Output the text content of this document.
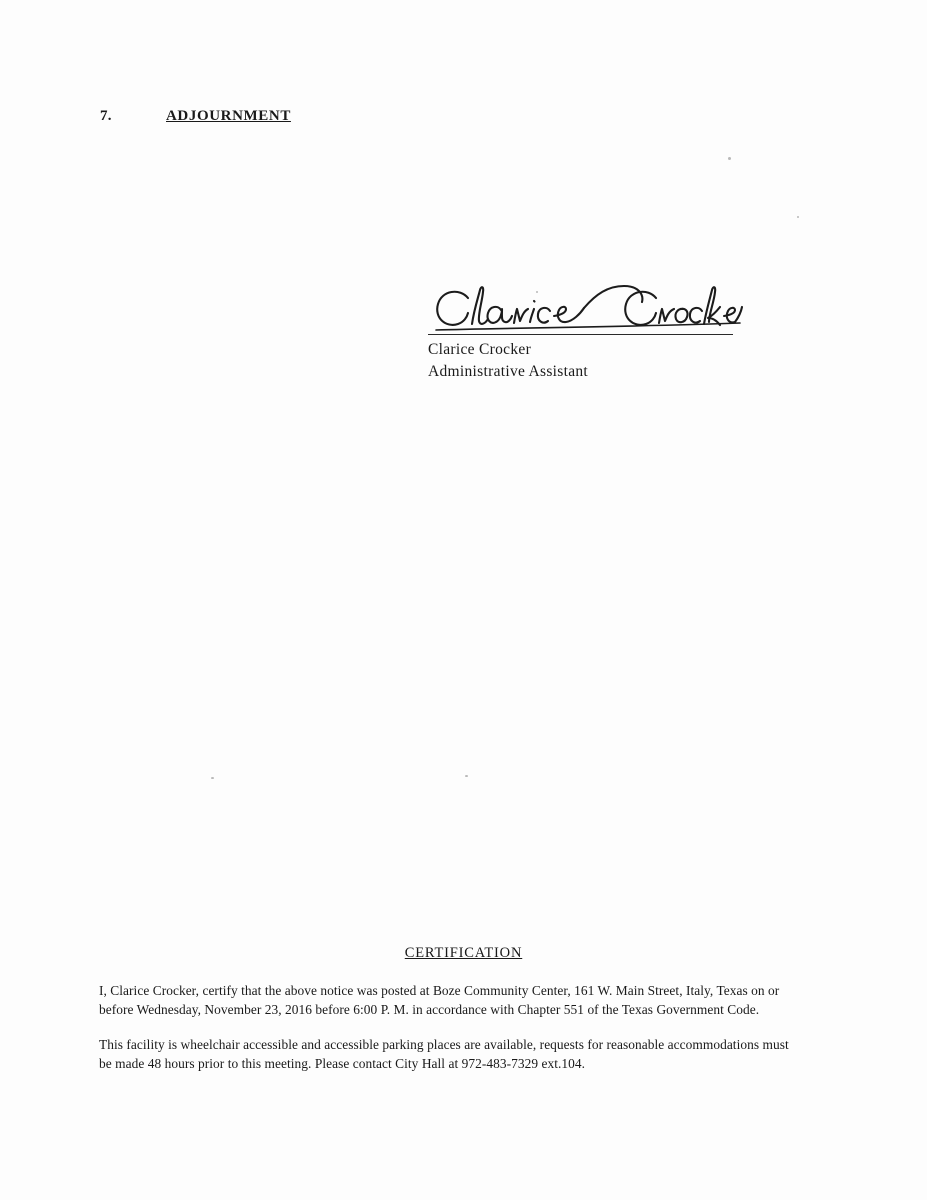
7.	ADJOURNMENT
Clarice Crocker
Administrative Assistant
CERTIFICATION

I, Clarice Crocker, certify that the above notice was posted at Boze Community Center, 161 W. Main Street, Italy, Texas on or before Wednesday, November 23, 2016 before 6:00 P. M. in accordance with Chapter 551 of the Texas Government Code.

This facility is wheelchair accessible and accessible parking places are available, requests for reasonable accommodations must be made 48 hours prior to this meeting. Please contact City Hall at 972-483-7329 ext.104.
